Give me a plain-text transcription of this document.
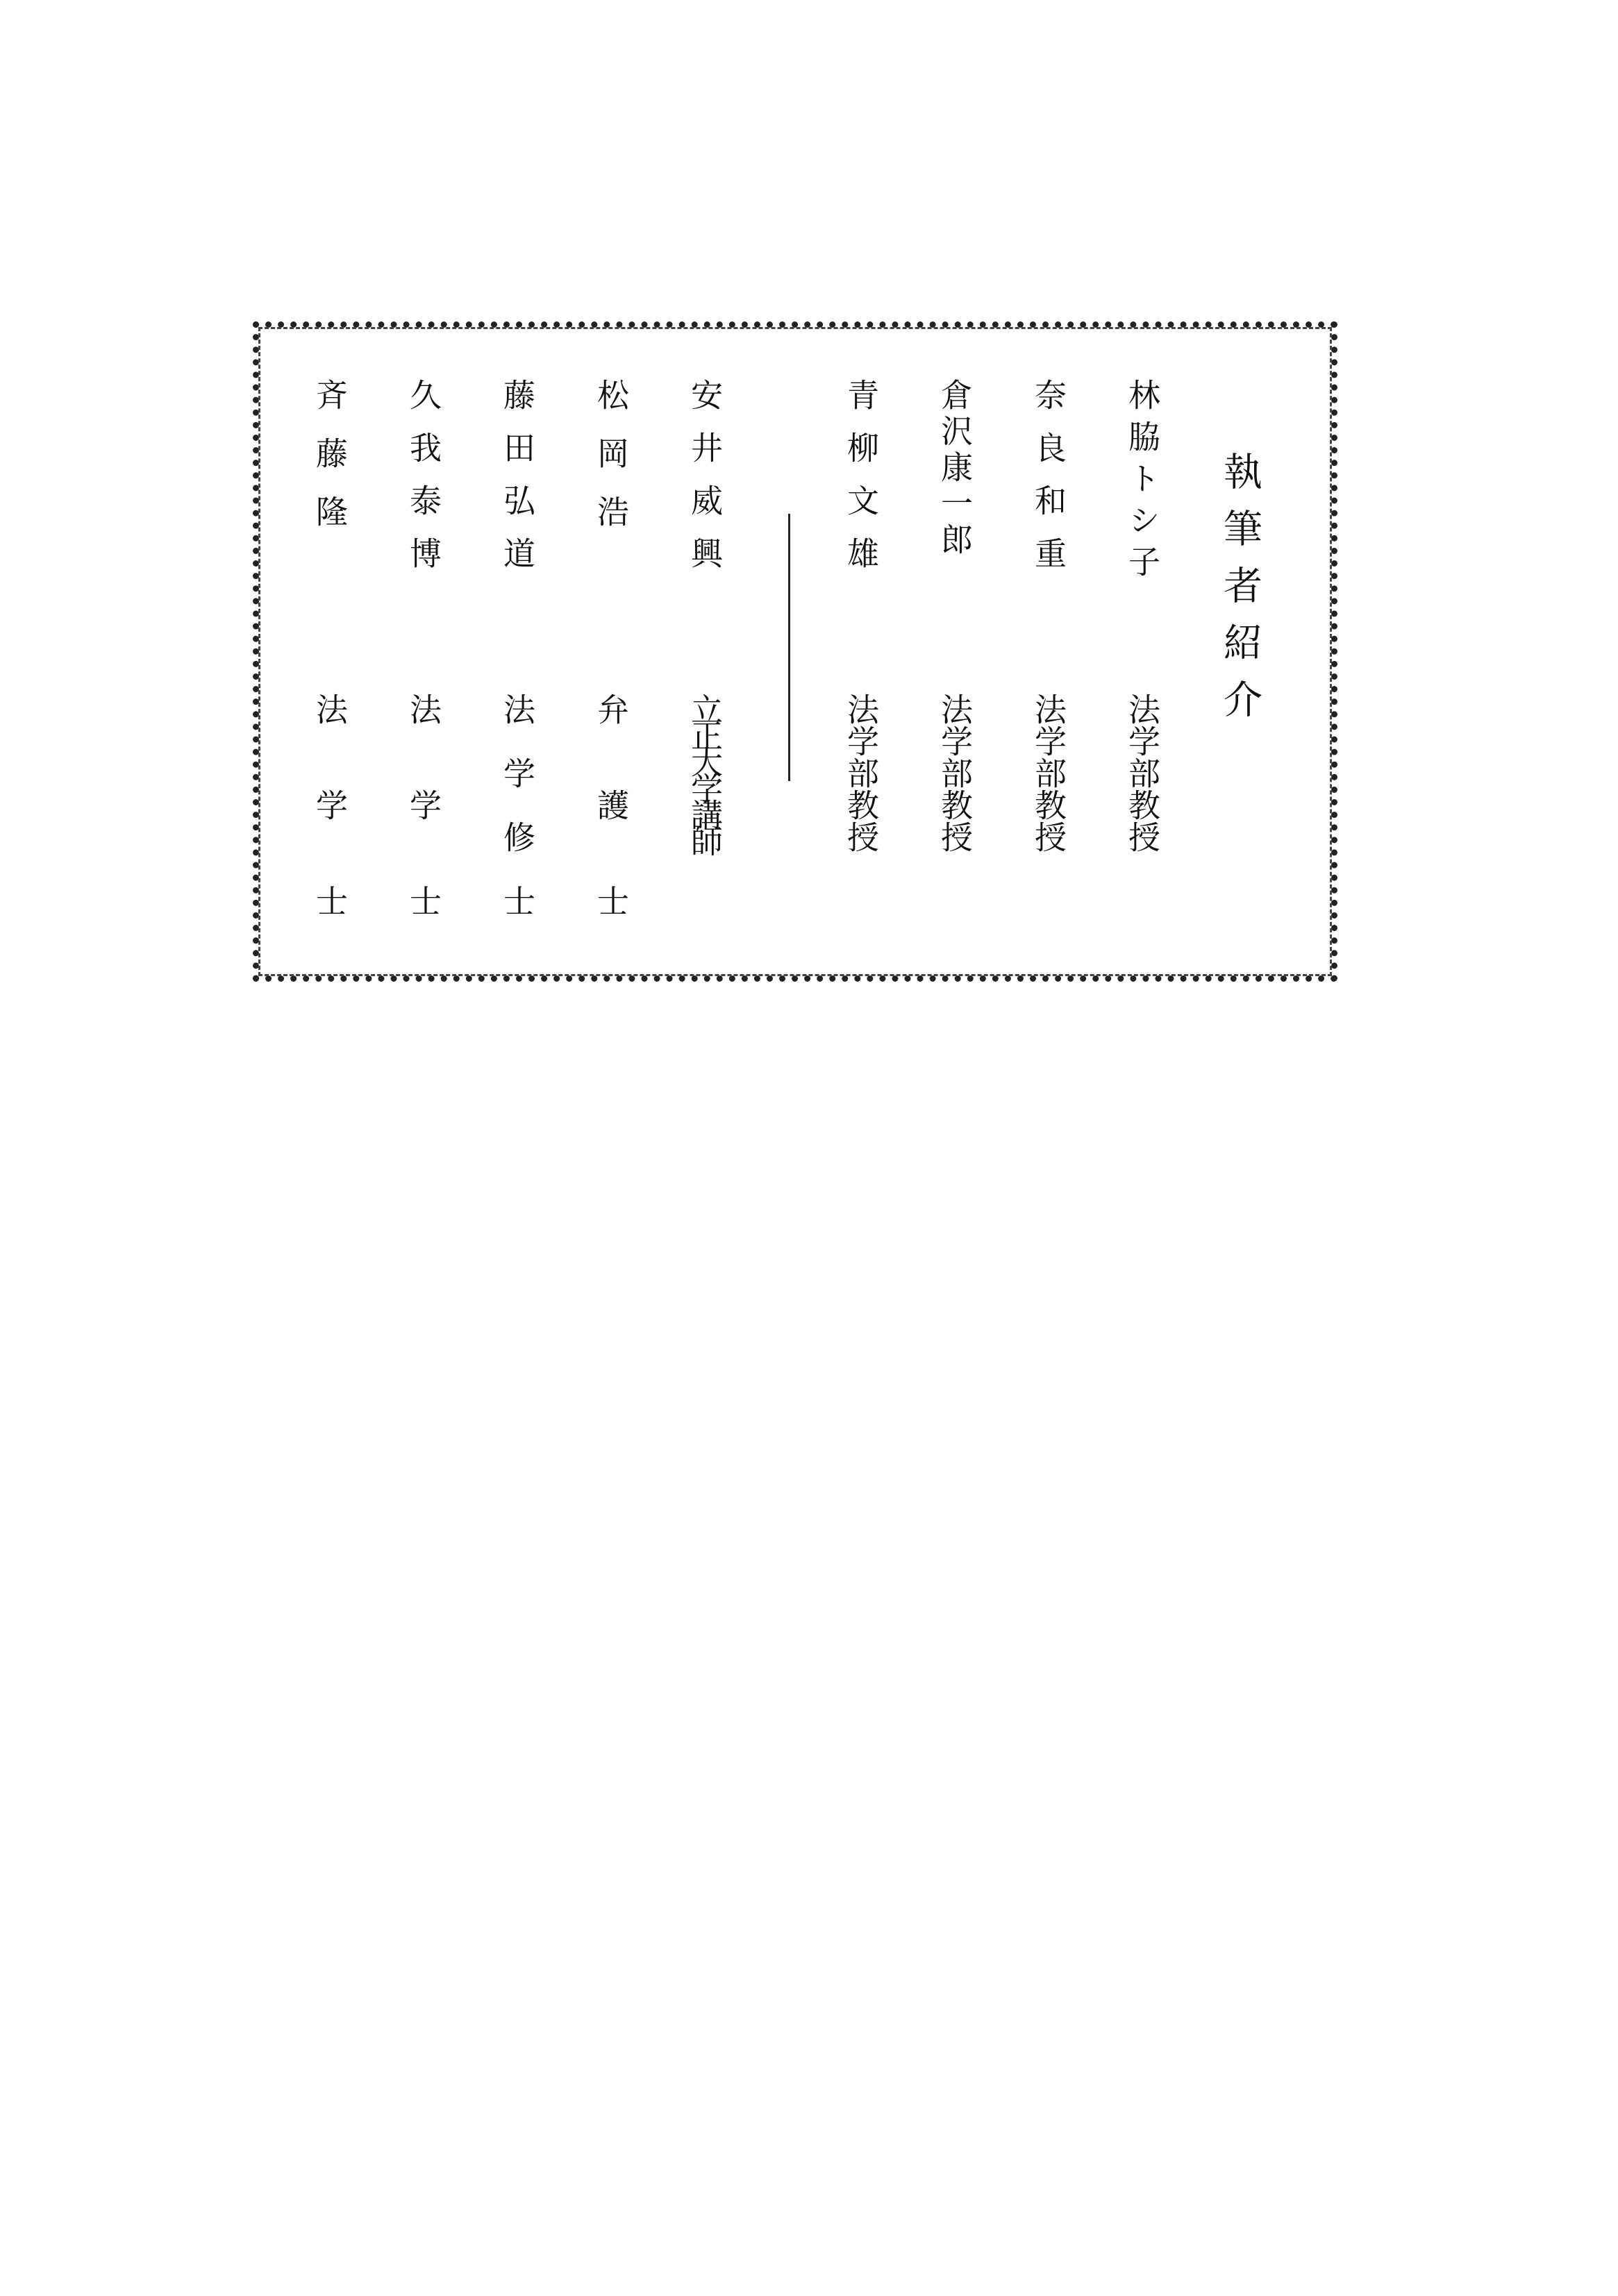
執筆者紹介
林脇トシ子
法学部教授
奈良和重
法学部教授
倉沢康一郎
法学部教授
青柳文雄
法学部教授
安井威興
立正大学講師
松岡浩
弁護士
藤田弘道
法学修士
久我泰博
法学士
斉藤隆
法学士
